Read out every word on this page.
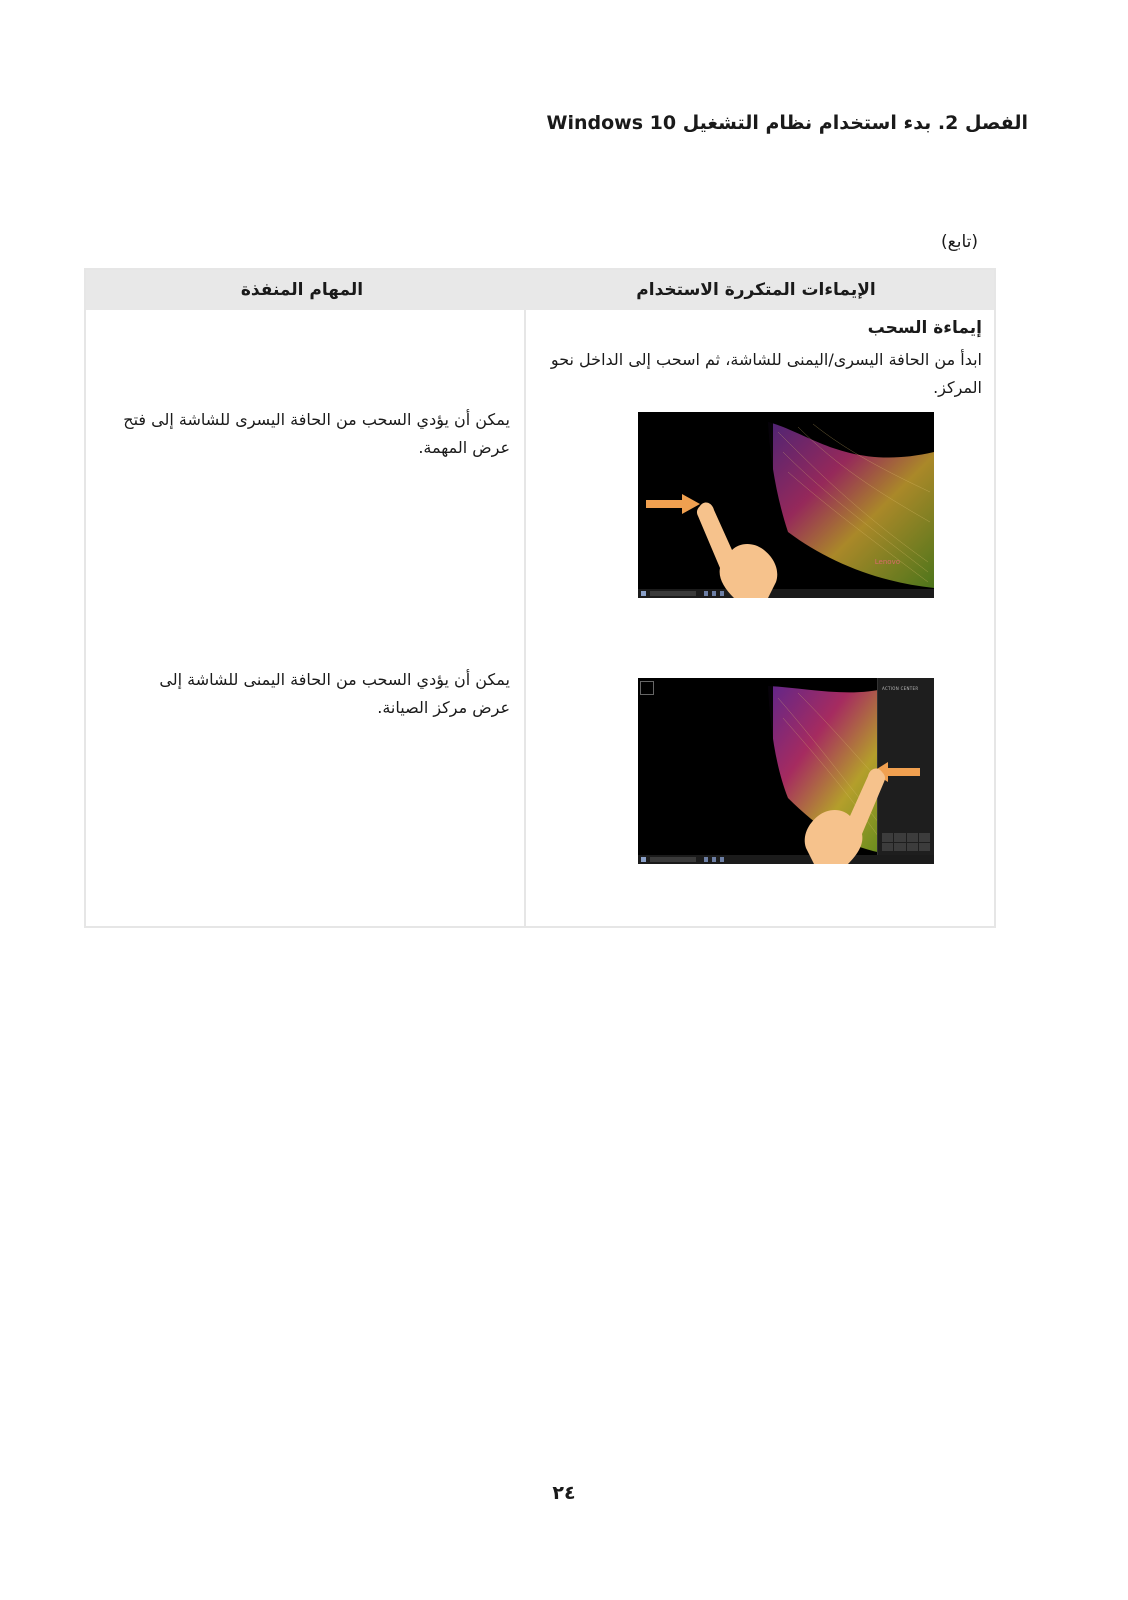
الفصل 2. بدء استخدام نظام التشغيل Windows 10
(تابع)
الإيماءات المتكررة الاستخدام
المهام المنفذة
إيماءة السحب
ابدأ من الحافة اليسرى/اليمنى للشاشة، ثم اسحب إلى الداخل نحو المركز.
يمكن أن يؤدي السحب من الحافة اليسرى للشاشة إلى فتح عرض المهمة.
يمكن أن يؤدي السحب من الحافة اليمنى للشاشة إلى عرض مركز الصيانة.
Lenovo
ACTION CENTER
٢٤
